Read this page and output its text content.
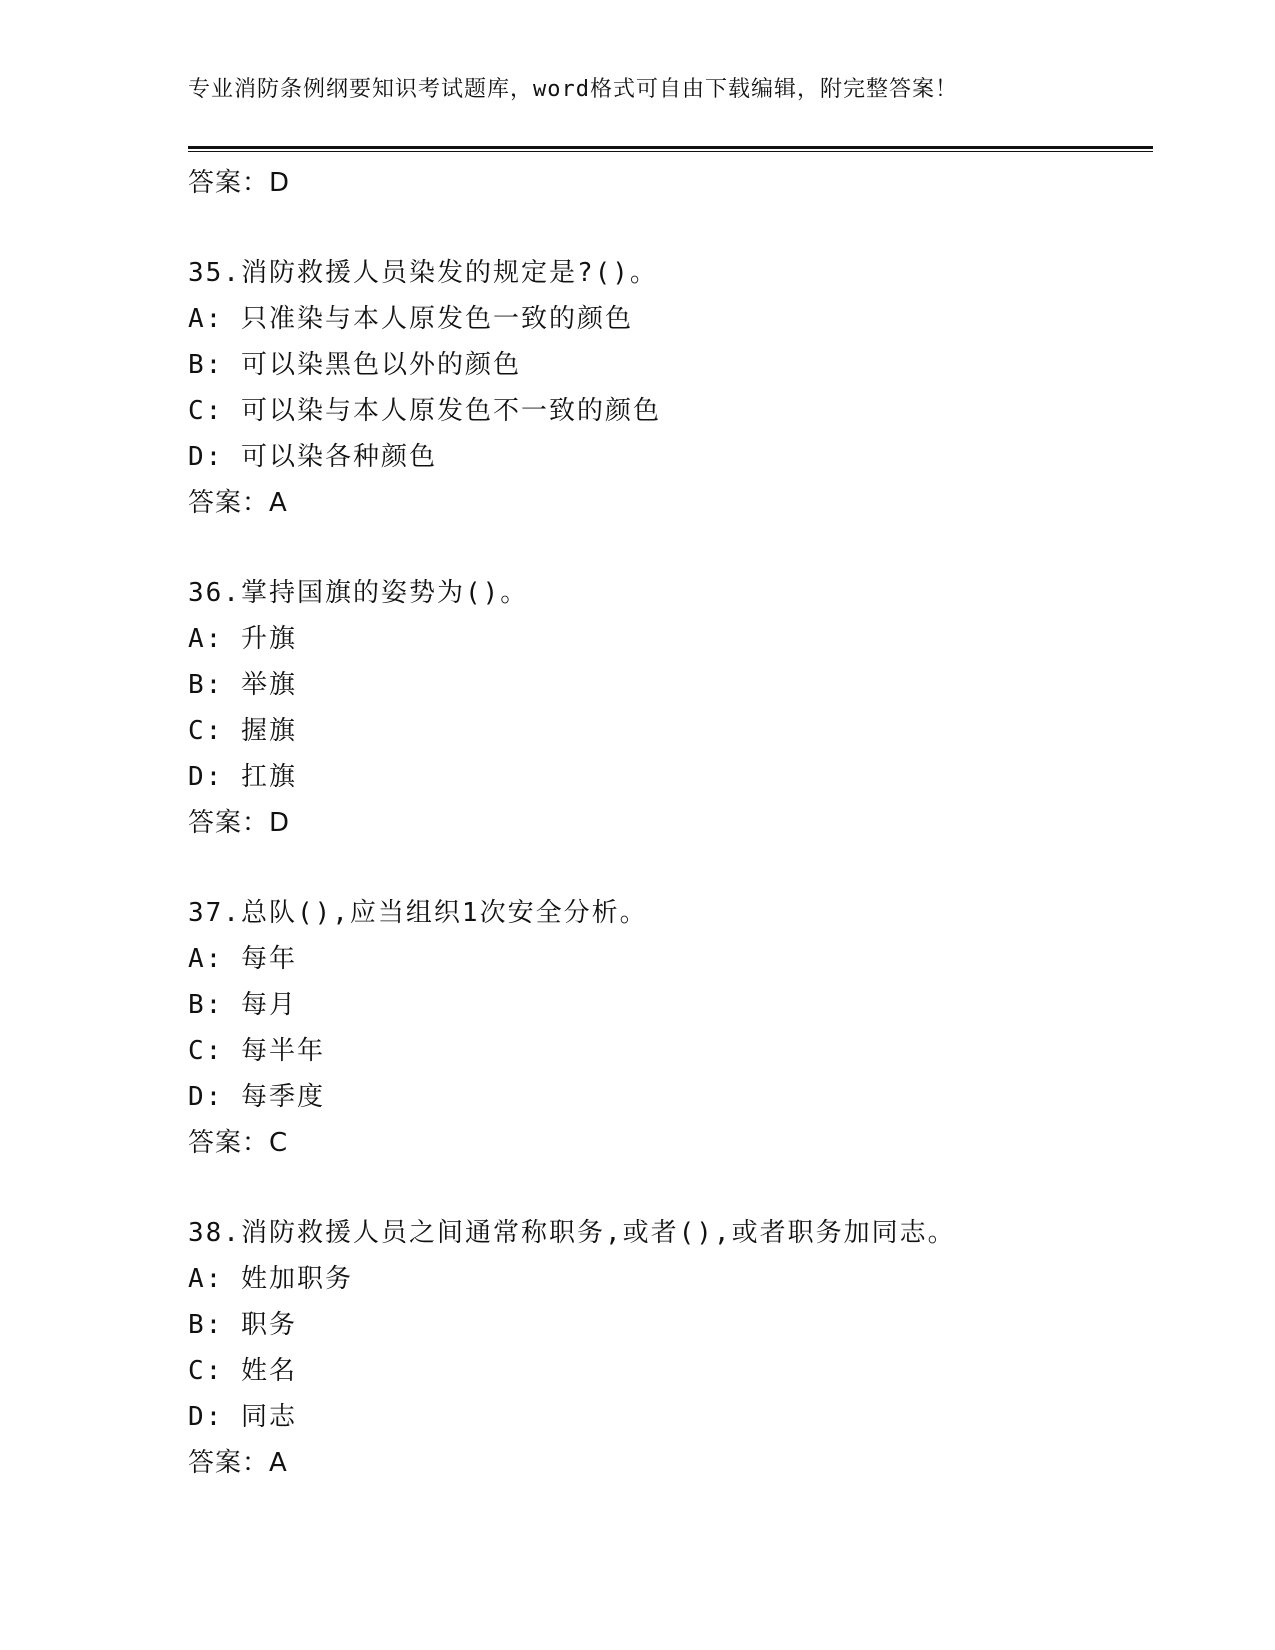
专业消防条例纲要知识考试题库，word格式可自由下载编辑，附完整答案！
答案：D
35.消防救援人员染发的规定是?()。
A: 只准染与本人原发色一致的颜色
B: 可以染黑色以外的颜色
C: 可以染与本人原发色不一致的颜色
D: 可以染各种颜色
答案：A
36.掌持国旗的姿势为()。
A: 升旗
B: 举旗
C: 握旗
D: 扛旗
答案：D
37.总队(),应当组织1次安全分析。
A: 每年
B: 每月
C: 每半年
D: 每季度
答案：C
38.消防救援人员之间通常称职务,或者(),或者职务加同志。
A: 姓加职务
B: 职务
C: 姓名
D: 同志
答案：A
